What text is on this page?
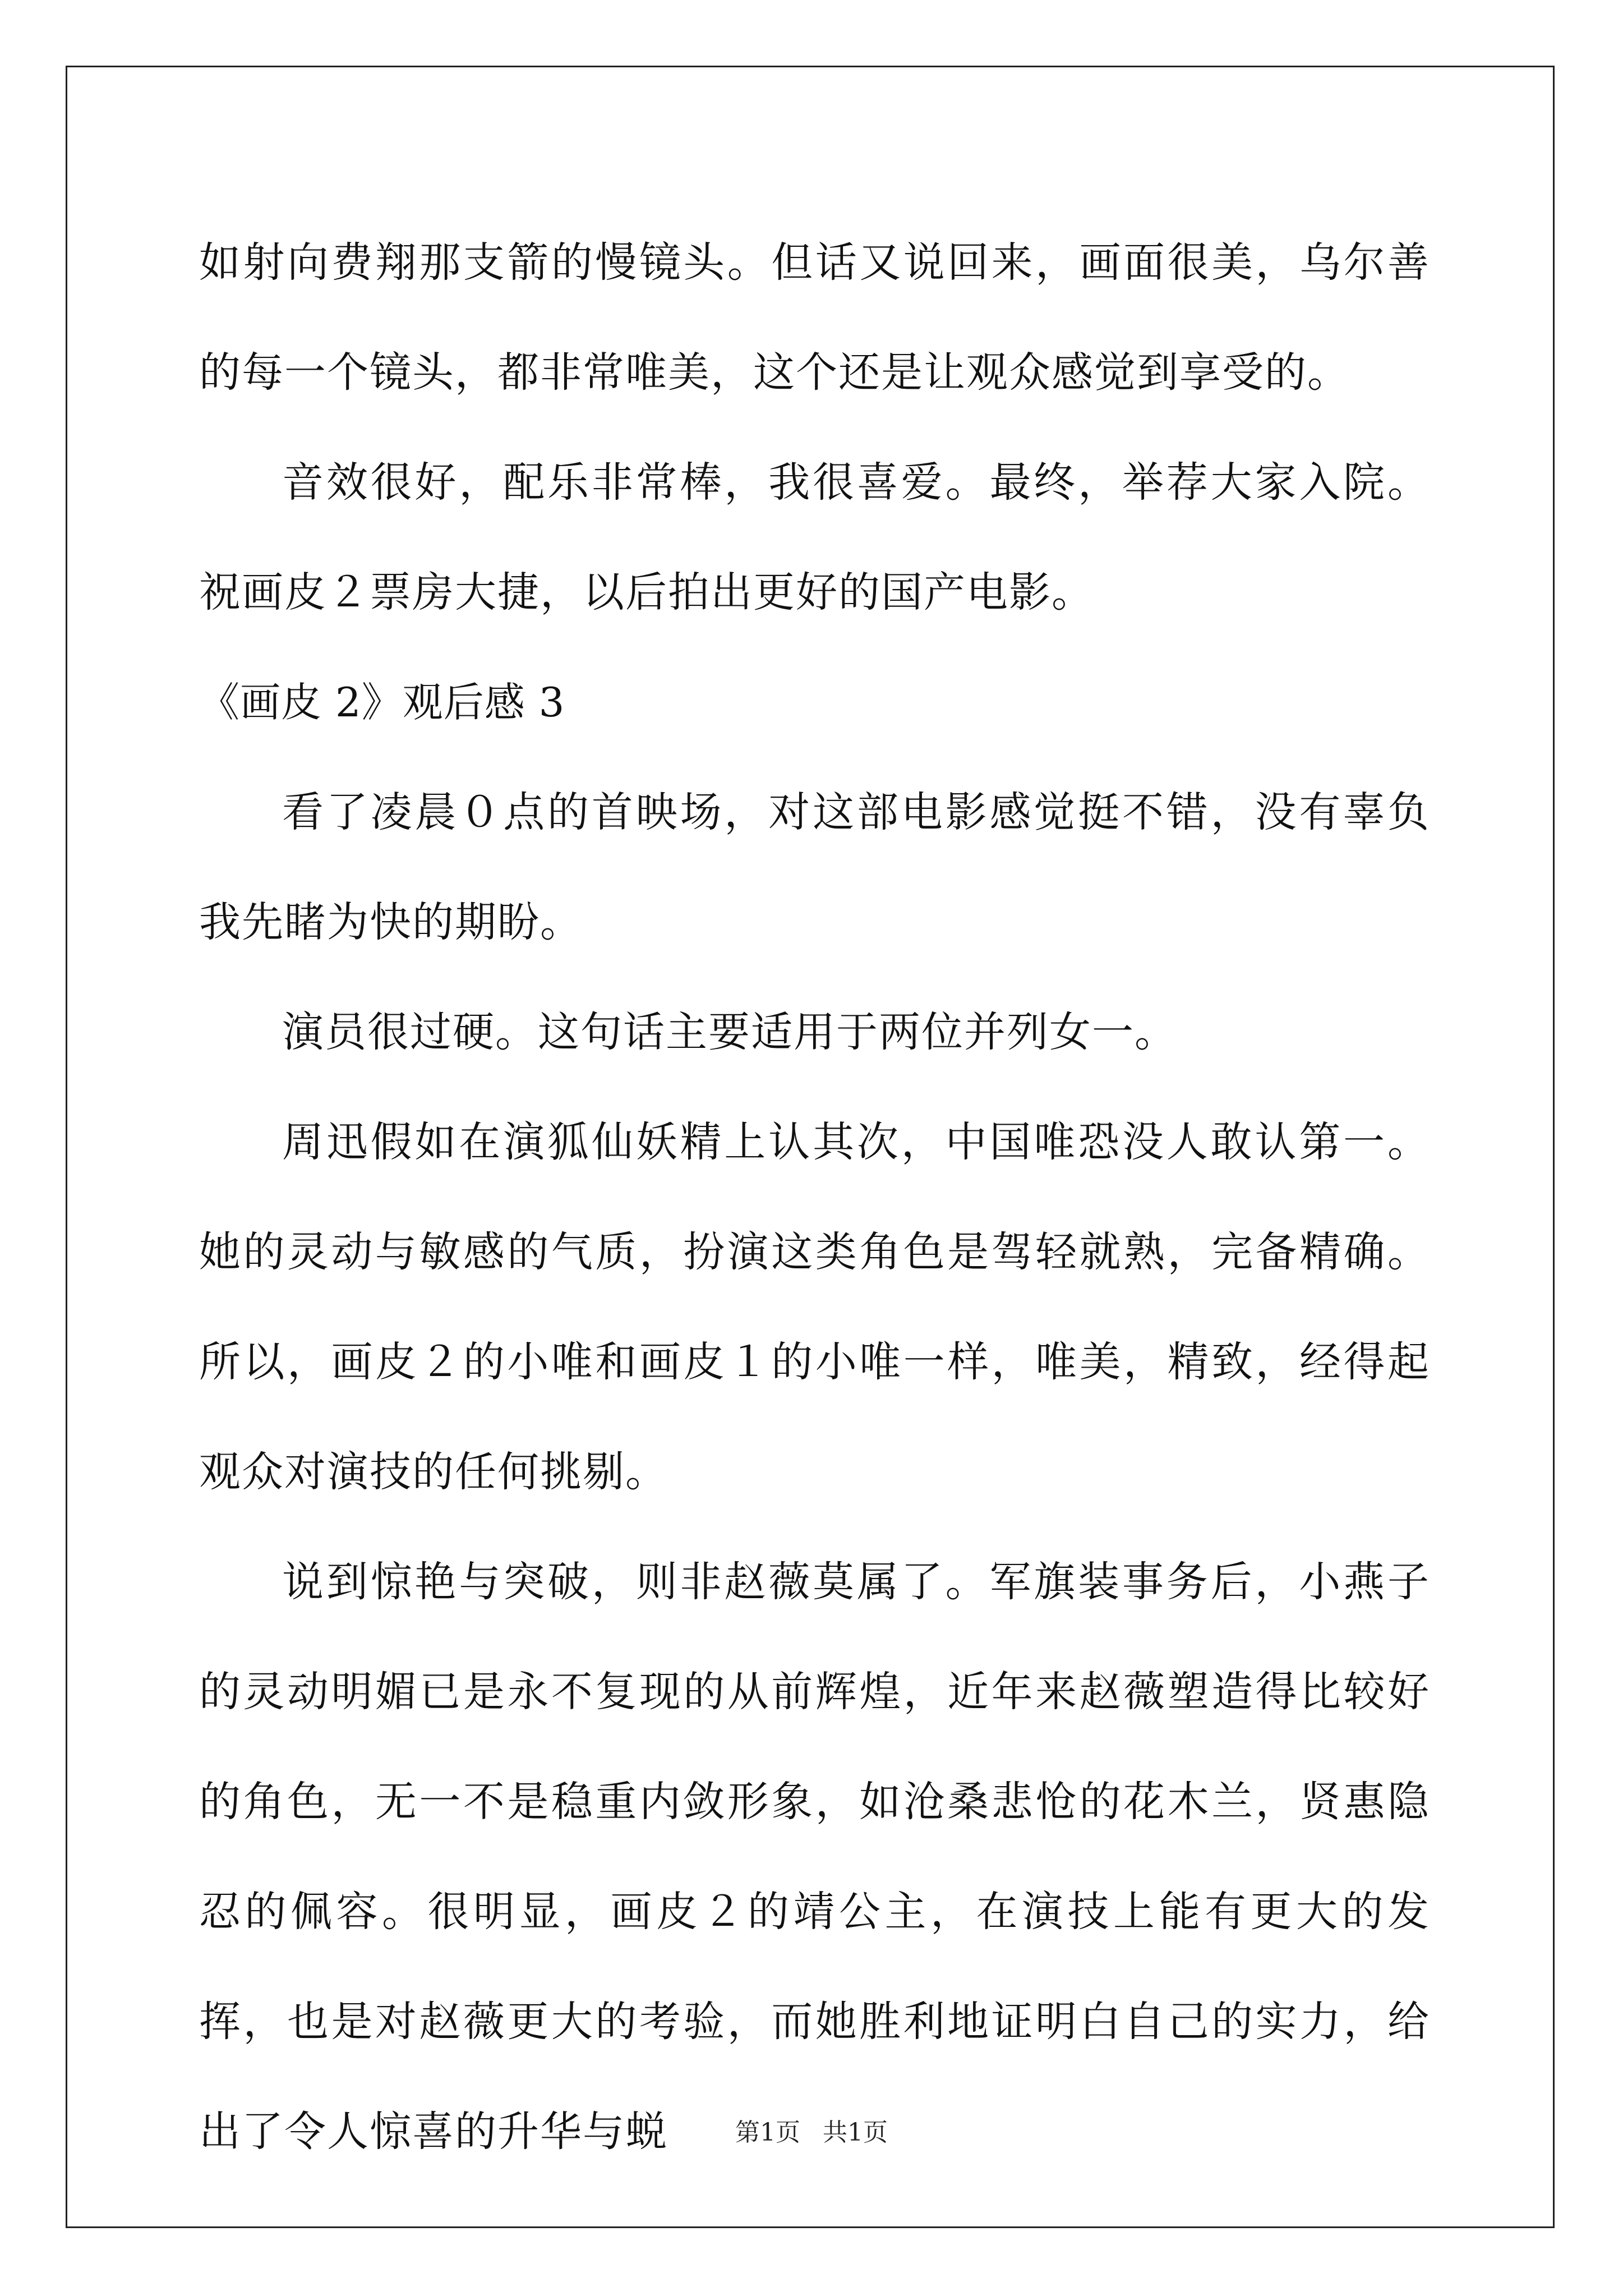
如射向费翔那支箭的慢镜头。但话又说回来，画面很美，乌尔善的每一个镜头，都非常唯美，这个还是让观众感觉到享受的。

音效很好，配乐非常棒，我很喜爱。最终，举荐大家入院。祝画皮２票房大捷，以后拍出更好的国产电影。

《画皮 2》观后感 3

看了凌晨０点的首映场，对这部电影感觉挺不错，没有辜负我先睹为快的期盼。

演员很过硬。这句话主要适用于两位并列女一。

周迅假如在演狐仙妖精上认其次，中国唯恐没人敢认第一。她的灵动与敏感的气质，扮演这类角色是驾轻就熟，完备精确。所以，画皮２的小唯和画皮１的小唯一样，唯美，精致，经得起观众对演技的任何挑剔。

说到惊艳与突破，则非赵薇莫属了。军旗装事务后，小燕子的灵动明媚已是永不复现的从前辉煌，近年来赵薇塑造得比较好的角色，无一不是稳重内敛形象，如沧桑悲怆的花木兰，贤惠隐忍的佩容。很明显，画皮２的靖公主，在演技上能有更大的发挥，也是对赵薇更大的考验，而她胜利地证明白自己的实力，给出了令人惊喜的升华与蜕	第1页 共1页
